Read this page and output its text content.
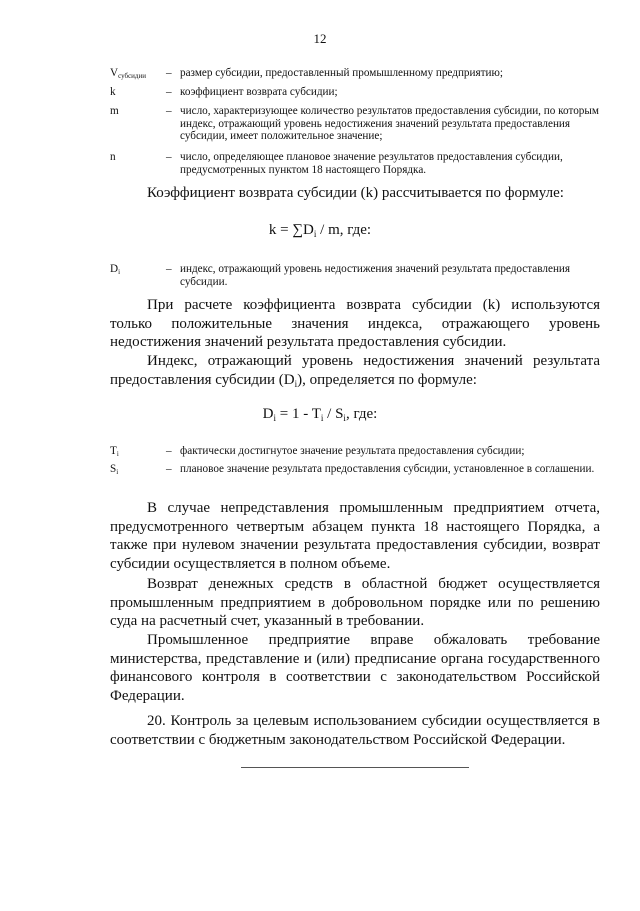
12
$V_{субсидии}$	– размер субсидии, предоставленный промышленному предприятию;
k	– коэффициент возврата субсидии;
m	– число, характеризующее количество результатов предоставления субсидии, по которым индекс, отражающий уровень недостижения значений результата предоставления субсидии, имеет положительное значение;
n	– число, определяющее плановое значение результатов предоставления субсидии, предусмотренных пунктом 18 настоящего Порядка.
Коэффициент возврата субсидии (k) рассчитывается по формуле:
$k = \sum D_i / m$, где:
$D_i$	– индекс, отражающий уровень недостижения значений результата предоставления субсидии.
При расчете коэффициента возврата субсидии (k) используются только положительные значения индекса, отражающего уровень недостижения значений результата предоставления субсидии.
Индекс, отражающий уровень недостижения значений результата предоставления субсидии $(D_i)$, определяется по формуле:
$D_i = 1 - T_i / S_i$, где:
$T_i$	– фактически достигнутое значение результата предоставления субсидии;
$S_i$	– плановое значение результата предоставления субсидии, установленное в соглашении.
В случае непредставления промышленным предприятием отчета, предусмотренного четвертым абзацем пункта 18 настоящего Порядка, а также при нулевом значении результата предоставления субсидии, возврат субсидии осуществляется в полном объеме.
Возврат денежных средств в областной бюджет осуществляется промышленным предприятием в добровольном порядке или по решению суда на расчетный счет, указанный в требовании.
Промышленное предприятие вправе обжаловать требование министерства, представление и (или) предписание органа государственного финансового контроля в соответствии с законодательством Российской Федерации.
20. Контроль за целевым использованием субсидии осуществляется в соответствии с бюджетным законодательством Российской Федерации.
